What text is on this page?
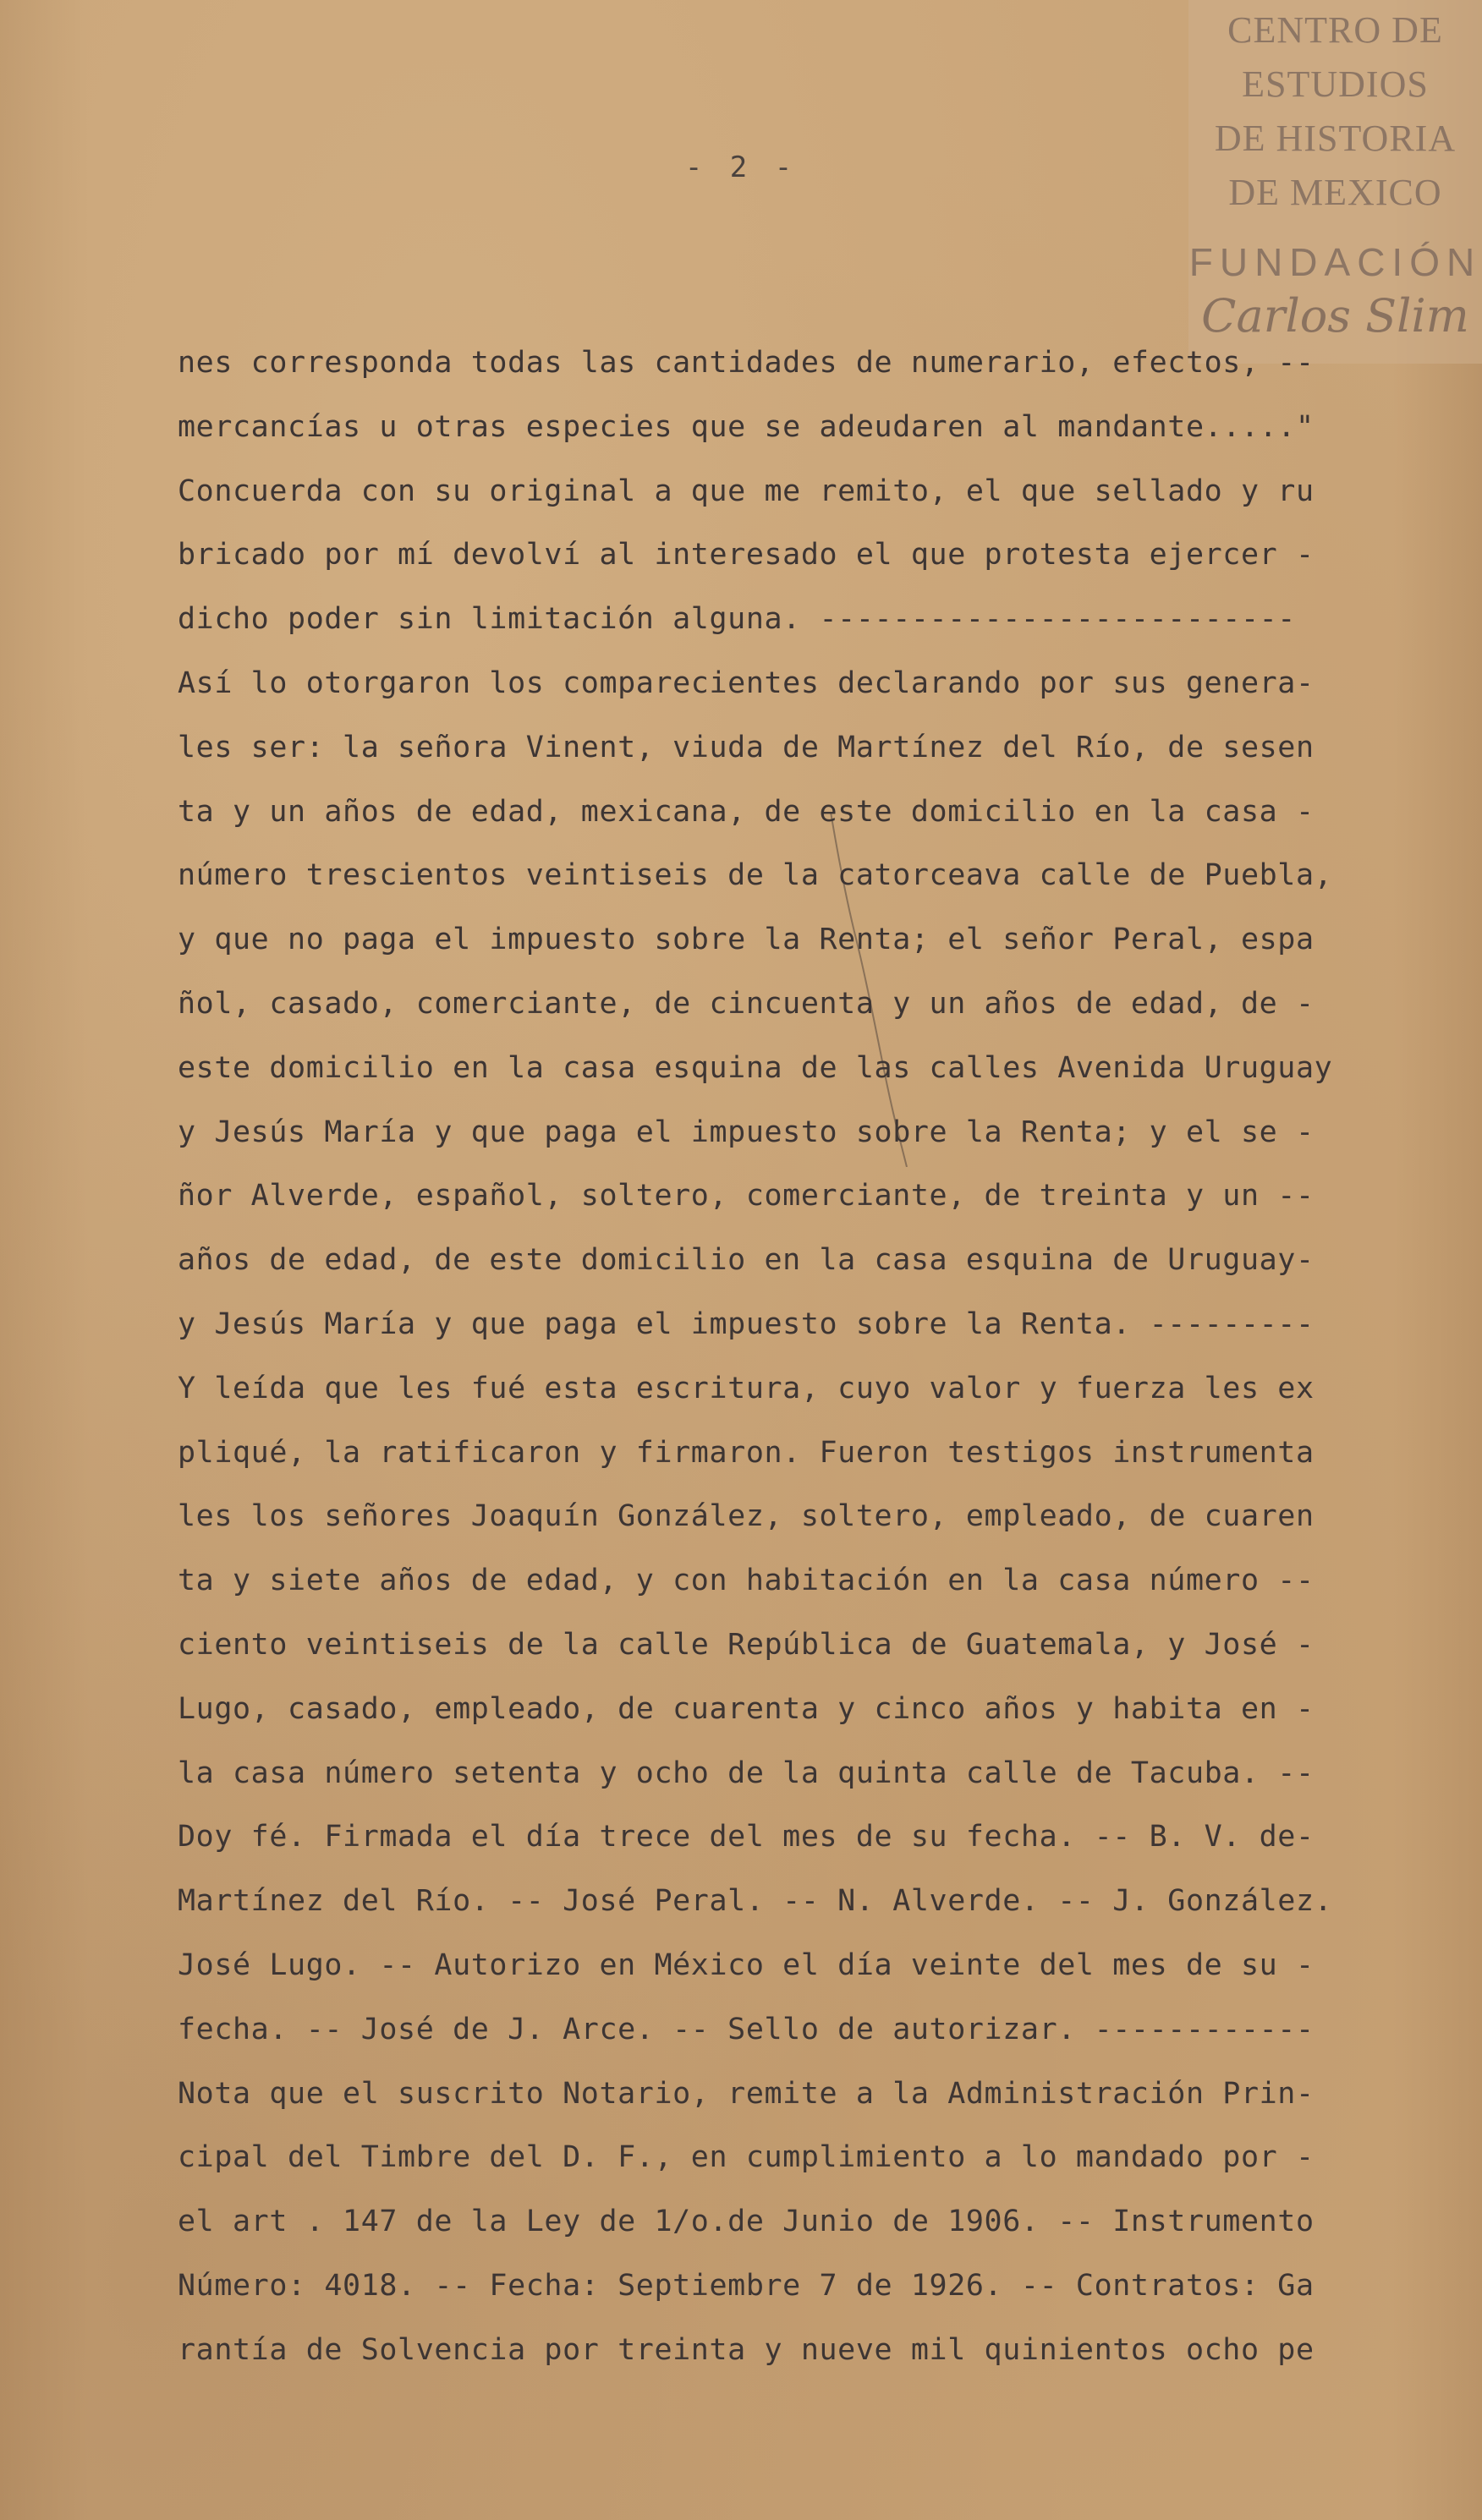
- 2 -
CENTRO DE
ESTUDIOS
DE HISTORIA
DE MEXICO
FUNDACIÓN
Carlos Slim
nes corresponda todas las cantidades de numerario, efectos, --
mercancías u otras especies que se adeudaren al mandante....."
Concuerda con su original a que me remito, el que sellado y ru
bricado por mí devolví al interesado el que protesta ejercer -
dicho poder sin limitación alguna. --------------------------
Así lo otorgaron los comparecientes declarando por sus genera-
les ser: la señora Vinent, viuda de Martínez del Río, de sesen
ta y un años de edad, mexicana, de este domicilio en la casa -
número trescientos veintiseis de la catorceava calle de Puebla,
y que no paga el impuesto sobre la Renta; el señor Peral, espa
ñol, casado, comerciante, de cincuenta y un años de edad, de -
este domicilio en la casa esquina de las calles Avenida Uruguay
y Jesús María y que paga el impuesto sobre la Renta; y el se -
ñor Alverde, español, soltero, comerciante, de treinta y un --
años de edad, de este domicilio en la casa esquina de Uruguay-
y Jesús María y que paga el impuesto sobre la Renta. ---------
Y leída que les fué esta escritura, cuyo valor y fuerza les ex
pliqué, la ratificaron y firmaron. Fueron testigos instrumenta
les los señores Joaquín González, soltero, empleado, de cuaren
ta y siete años de edad, y con habitación en la casa número --
ciento veintiseis de la calle República de Guatemala, y José -
Lugo, casado, empleado, de cuarenta y cinco años y habita en -
la casa número setenta y ocho de la quinta calle de Tacuba. --
Doy fé. Firmada el día trece del mes de su fecha. -- B. V. de-
Martínez del Río. -- José Peral. -- N. Alverde. -- J. González.
José Lugo. -- Autorizo en México el día veinte del mes de su -
fecha. -- José de J. Arce. -- Sello de autorizar. ------------
Nota que el suscrito Notario, remite a la Administración Prin-
cipal del Timbre del D. F., en cumplimiento a lo mandado por -
el art . 147 de la Ley de 1/o.de Junio de 1906. -- Instrumento
Número: 4018. -- Fecha: Septiembre 7 de 1926. -- Contratos: Ga
rantía de Solvencia por treinta y nueve mil quinientos ocho pe
